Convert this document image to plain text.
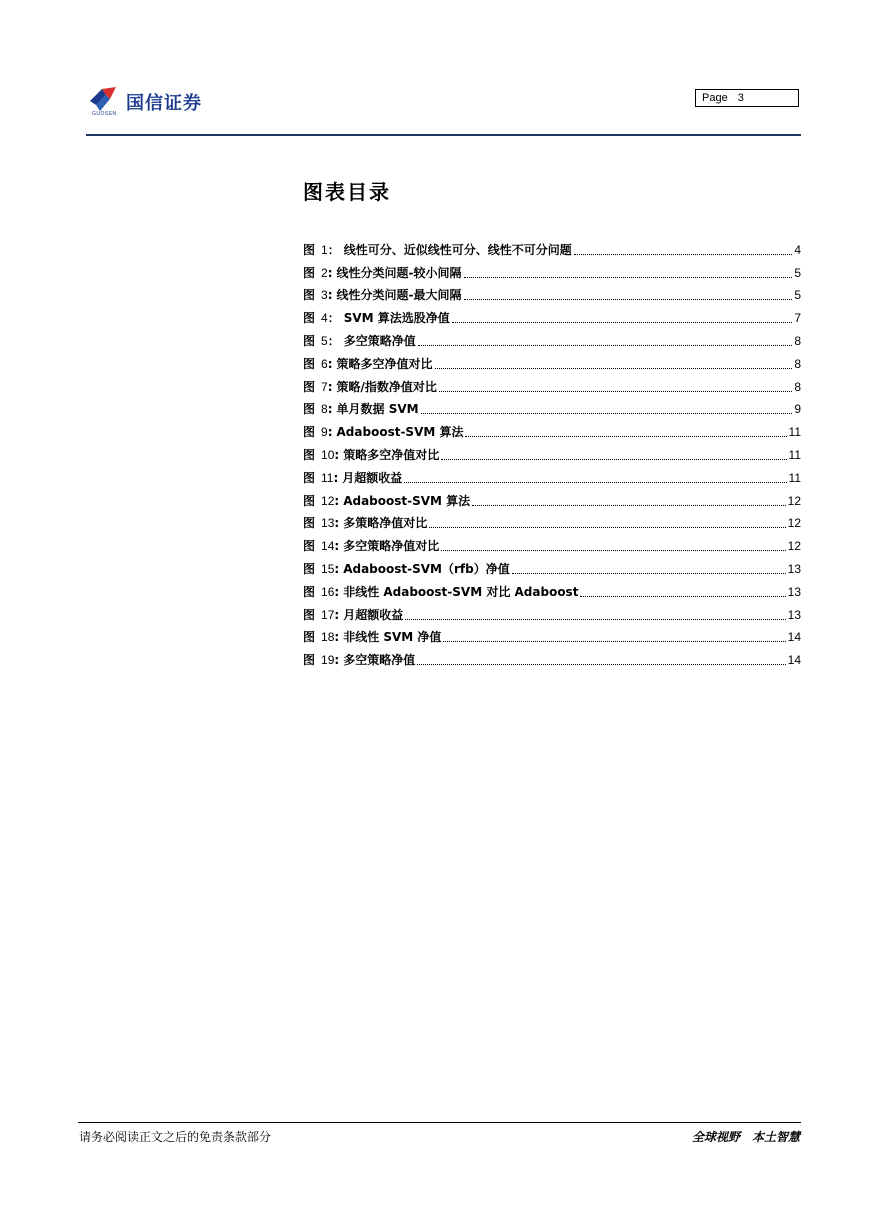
国信证券
GUOSEN
Page 3
图表目录
图 1： 线性可分、近似线性可分、线性不可分问题	4
图 2: 线性分类问题-较小间隔	5
图 3: 线性分类问题-最大间隔	5
图 4： SVM 算法选股净值	7
图 5： 多空策略净值	8
图 6: 策略多空净值对比	8
图 7: 策略/指数净值对比	8
图 8: 单月数据 SVM	9
图 9: Adaboost-SVM 算法	11
图 10: 策略多空净值对比	11
图 11: 月超额收益	11
图 12: Adaboost-SVM 算法	12
图 13: 多策略净值对比	12
图 14: 多空策略净值对比	12
图 15: Adaboost-SVM（rfb）净值	13
图 16: 非线性 Adaboost-SVM 对比 Adaboost	13
图 17: 月超额收益	13
图 18: 非线性 SVM 净值	14
图 19: 多空策略净值	14
请务必阅读正文之后的免责条款部分	全球视野 本土智慧
